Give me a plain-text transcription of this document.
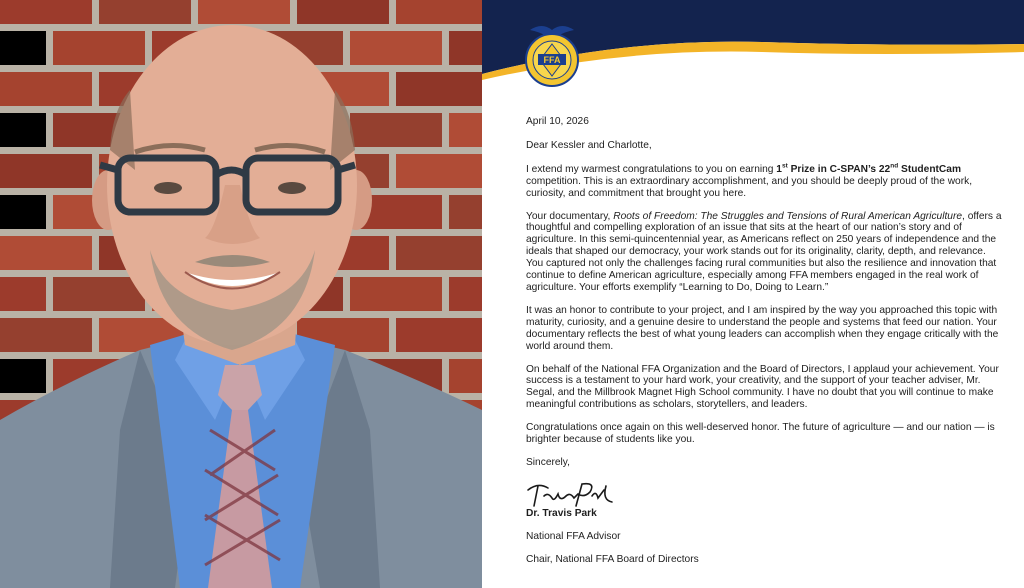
FFA

April 10, 2026

Dear Kessler and Charlotte,

I extend my warmest congratulations to you on earning 1st Prize in C-SPAN’s 22nd StudentCam competition. This is an extraordinary accomplishment, and you should be deeply proud of the work, curiosity, and commitment that brought you here.

Your documentary, Roots of Freedom: The Struggles and Tensions of Rural American Agriculture, offers a thoughtful and compelling exploration of an issue that sits at the heart of our nation’s story and of agriculture. In this semi-quincentennial year, as Americans reflect on 250 years of independence and the ideals that shaped our democracy, your work stands out for its originality, clarity, depth, and relevance. You captured not only the challenges facing rural communities but also the resilience and innovation that continue to define American agriculture, especially among FFA members engaged in the real work of agriculture. Your efforts exemplify “Learning to Do, Doing to Learn.”

It was an honor to contribute to your project, and I am inspired by the way you approached this topic with maturity, curiosity, and a genuine desire to understand the people and systems that feed our nation. Your documentary reflects the best of what young leaders can accomplish when they engage critically with the world around them.

On behalf of the National FFA Organization and the Board of Directors, I applaud your achievement. Your success is a testament to your hard work, your creativity, and the support of your teacher adviser, Mr. Segal, and the Millbrook Magnet High School community. I have no doubt that you will continue to make meaningful contributions as scholars, storytellers, and leaders.

Congratulations once again on this well-deserved honor. The future of agriculture — and our nation — is brighter because of students like you.

Sincerely,

Dr. Travis Park

National FFA Advisor

Chair, National FFA Board of Directors
